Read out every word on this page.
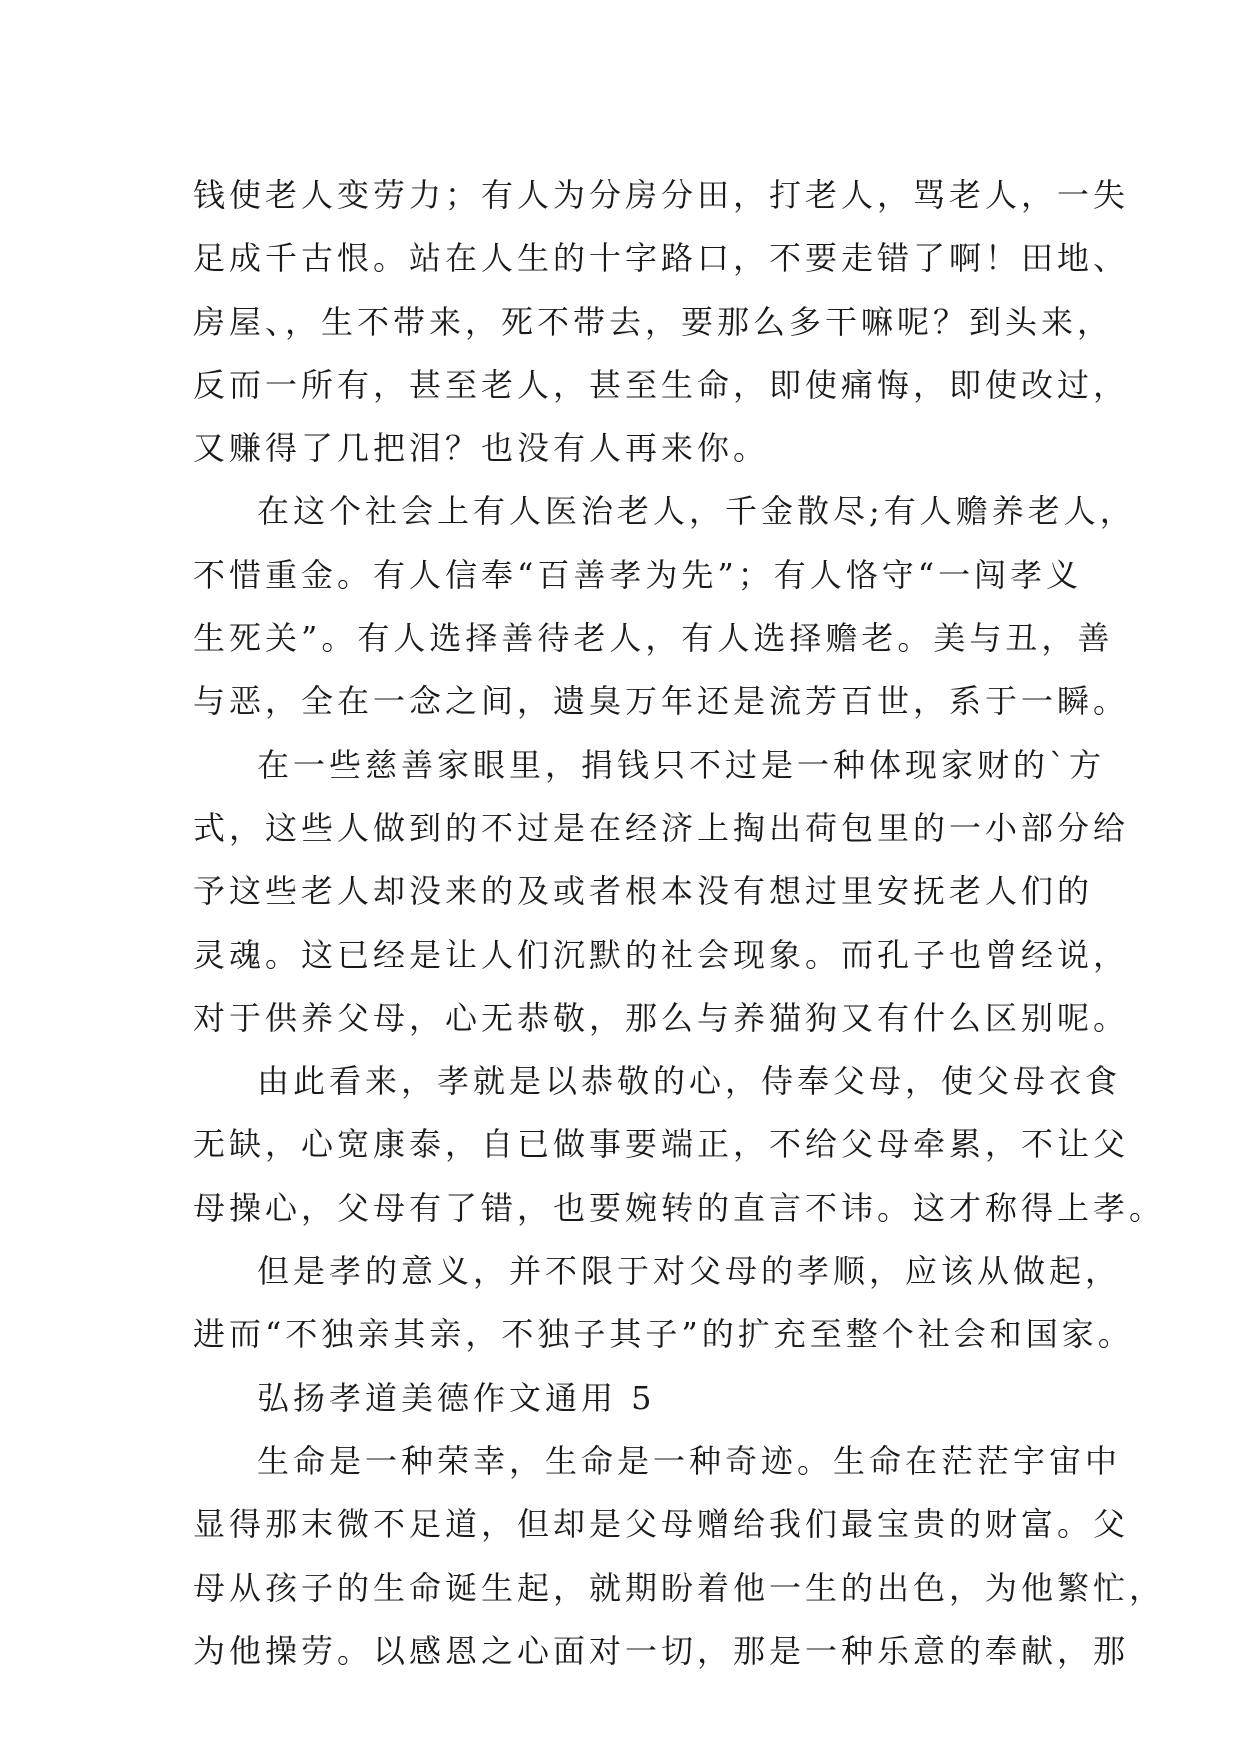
钱使老人变劳力；有人为分房分田，打老人，骂老人，一失
足成千古恨。站在人生的十字路口，不要走错了啊！田地、
房屋、，生不带来，死不带去，要那么多干嘛呢？到头来，
反而一所有，甚至老人，甚至生命，即使痛悔，即使改过，
又赚得了几把泪？也没有人再来你。
在这个社会上有人医治老人，千金散尽;有人赡养老人，
不惜重金。有人信奉“百善孝为先”；有人恪守“一闯孝义
生死关”。有人选择善待老人，有人选择赡老。美与丑，善
与恶，全在一念之间，遗臭万年还是流芳百世，系于一瞬。
在一些慈善家眼里，捐钱只不过是一种体现家财的`方
式，这些人做到的不过是在经济上掏出荷包里的一小部分给
予这些老人却没来的及或者根本没有想过里安抚老人们的
灵魂。这已经是让人们沉默的社会现象。而孔子也曾经说，
对于供养父母，心无恭敬，那么与养猫狗又有什么区别呢。
由此看来，孝就是以恭敬的心，侍奉父母，使父母衣食
无缺，心宽康泰，自已做事要端正，不给父母牵累，不让父
母操心，父母有了错，也要婉转的直言不讳。这才称得上孝。
但是孝的意义，并不限于对父母的孝顺，应该从做起，
进而“不独亲其亲，不独子其子”的扩充至整个社会和国家。
弘扬孝道美德作文通用 5
生命是一种荣幸，生命是一种奇迹。生命在茫茫宇宙中
显得那末微不足道，但却是父母赠给我们最宝贵的财富。父
母从孩子的生命诞生起，就期盼着他一生的出色，为他繁忙，
为他操劳。以感恩之心面对一切，那是一种乐意的奉献，那
